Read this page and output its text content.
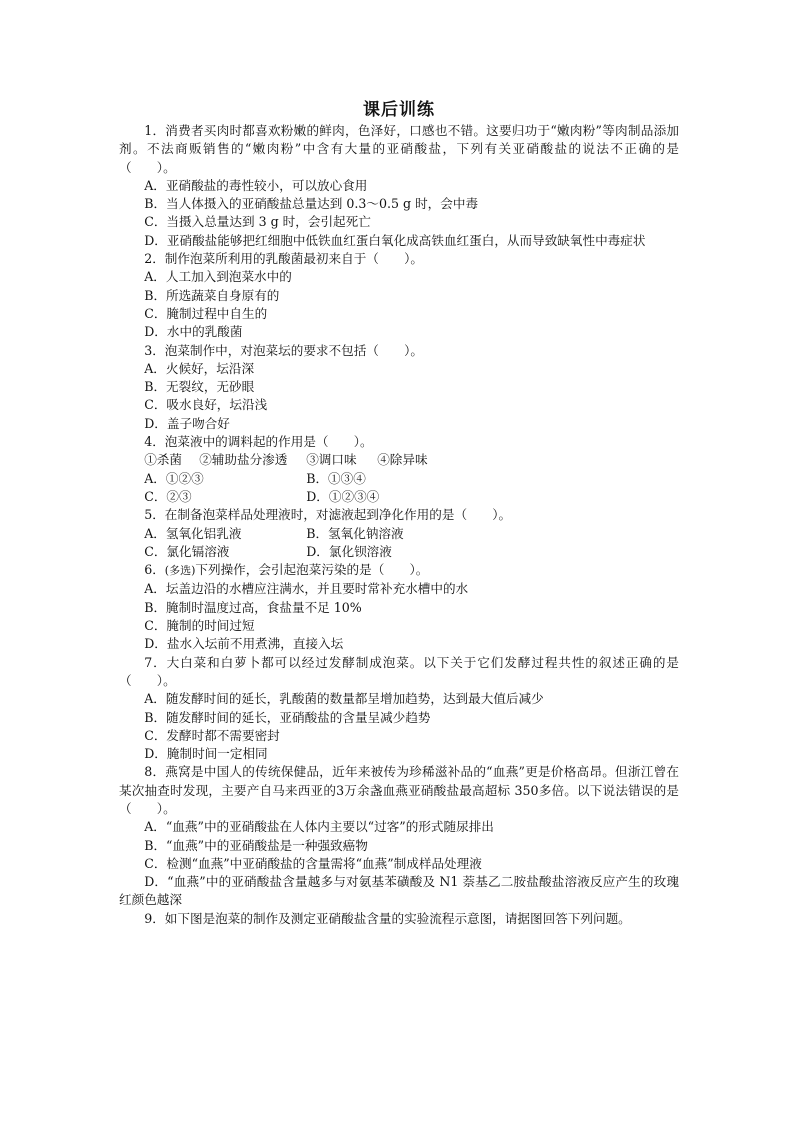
课后训练

1．消费者买肉时都喜欢粉嫩的鲜肉，色泽好，口感也不错。这要归功于“嫩肉粉”等肉制品添加剂。不法商贩销售的“嫩肉粉”中含有大量的亚硝酸盐，下列有关亚硝酸盐的说法不正确的是（　　）。

A．亚硝酸盐的毒性较小，可以放心食用

B．当人体摄入的亚硝酸盐总量达到 0.3～0.5 g 时，会中毒

C．当摄入总量达到 3 g 时，会引起死亡

D．亚硝酸盐能够把红细胞中低铁血红蛋白氧化成高铁血红蛋白，从而导致缺氧性中毒症状

2．制作泡菜所利用的乳酸菌最初来自于（　　）。

A．人工加入到泡菜水中的

B．所选蔬菜自身原有的

C．腌制过程中自生的

D．水中的乳酸菌

3．泡菜制作中，对泡菜坛的要求不包括（　　）。

A．火候好，坛沿深

B．无裂纹，无砂眼

C．吸水良好，坛沿浅

D．盖子吻合好

4．泡菜液中的调料起的作用是（　　）。

①杀菌	②辅助盐分渗透	③调口味	④除异味
A．①②③	B．①③④
C．②③	D．①②③④

5．在制备泡菜样品处理液时，对滤液起到净化作用的是（　　）。

A．氢氧化铝乳液	B．氢氧化钠溶液
C．氯化镉溶液	D．氯化钡溶液

6．(多选)下列操作，会引起泡菜污染的是（　　）。

A．坛盖边沿的水槽应注满水，并且要时常补充水槽中的水

B．腌制时温度过高，食盐量不足 10%

C．腌制的时间过短

D．盐水入坛前不用煮沸，直接入坛

7．大白菜和白萝卜都可以经过发酵制成泡菜。以下关于它们发酵过程共性的叙述正确的是（　　）。

A．随发酵时间的延长，乳酸菌的数量都呈增加趋势，达到最大值后减少

B．随发酵时间的延长，亚硝酸盐的含量呈减少趋势

C．发酵时都不需要密封

D．腌制时间一定相同

8．燕窝是中国人的传统保健品，近年来被传为珍稀滋补品的“血燕”更是价格高昂。但浙江曾在某次抽查时发现，主要产自马来西亚的3万余盏血燕亚硝酸盐最高超标 350多倍。以下说法错误的是（　　）。

A．“血燕”中的亚硝酸盐在人体内主要以“过客”的形式随尿排出

B．“血燕”中的亚硝酸盐是一种强致癌物

C．检测“血燕”中亚硝酸盐的含量需将“血燕”制成样品处理液

D．“血燕”中的亚硝酸盐含量越多与对氨基苯磺酸及 N1 萘基乙二胺盐酸盐溶液反应产生的玫瑰红颜色越深

9．如下图是泡菜的制作及测定亚硝酸盐含量的实验流程示意图，请据图回答下列问题。
